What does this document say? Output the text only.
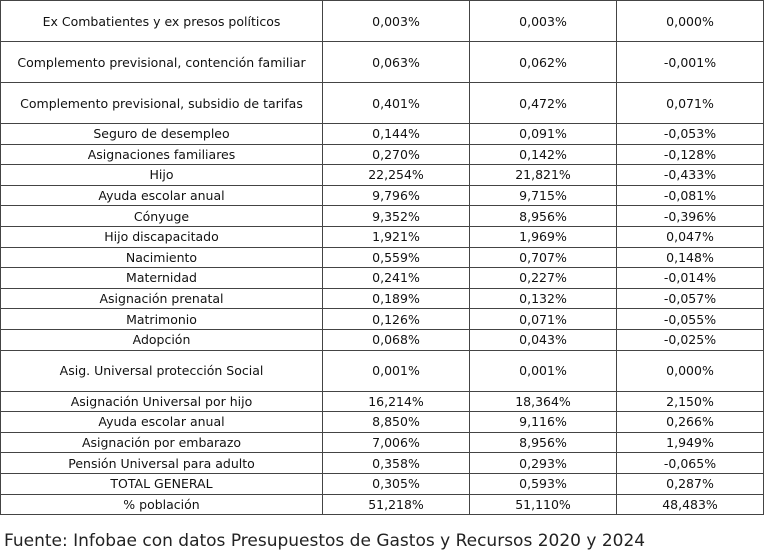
Ex Combatientes y ex presos políticos	0,003%	0,003%	0,000%
Complemento previsional, contención familiar	0,063%	0,062%	-0,001%
Complemento previsional, subsidio de tarifas	0,401%	0,472%	0,071%
Seguro de desempleo	0,144%	0,091%	-0,053%
Asignaciones familiares	0,270%	0,142%	-0,128%
Hijo	22,254%	21,821%	-0,433%
Ayuda escolar anual	9,796%	9,715%	-0,081%
Cónyuge	9,352%	8,956%	-0,396%
Hijo discapacitado	1,921%	1,969%	0,047%
Nacimiento	0,559%	0,707%	0,148%
Maternidad	0,241%	0,227%	-0,014%
Asignación prenatal	0,189%	0,132%	-0,057%
Matrimonio	0,126%	0,071%	-0,055%
Adopción	0,068%	0,043%	-0,025%
Asig. Universal protección Social	0,001%	0,001%	0,000%
Asignación Universal por hijo	16,214%	18,364%	2,150%
Ayuda escolar anual	8,850%	9,116%	0,266%
Asignación por embarazo	7,006%	8,956%	1,949%
Pensión Universal para adulto	0,358%	0,293%	-0,065%
TOTAL GENERAL	0,305%	0,593%	0,287%
% población	51,218%	51,110%	48,483%
Fuente: Infobae con datos Presupuestos de Gastos y Recursos 2020 y 2024
